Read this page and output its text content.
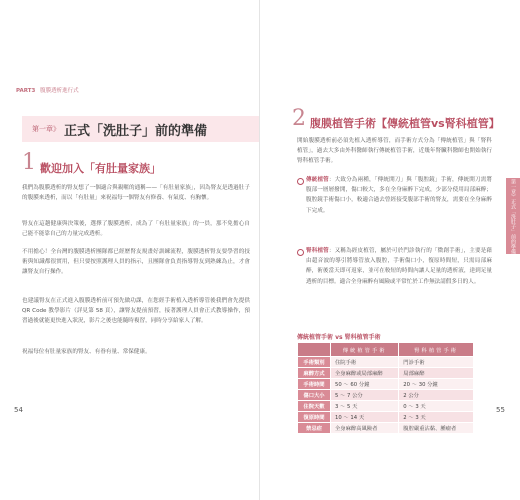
PART3 腹膜透析進行式
第一章》 正式「洗肚子」前的準備
1 歡迎加入「有肚量家族」
我們為腹膜透析的腎友想了一個適合與親暱的通稱——「有肚量家族」，因為腎友是透過肚子的腹膜來透析，而以「有肚量」來祝福每一個腎友有修養、有氣度、有胸懷。
腎友在這趟健康與決策後，選擇了腹膜透析，成為了「有肚量家族」的一員，那不免擔心自己能不能靠自己的力量完成透析。
不用擔心！全台灣的腹膜透析團隊都已經歷腎友規畫好訓練流程，腹膜透析腎友要學習的技術與知識都很實用，但只要按照護理人員的指示，且團隊會負責指導腎友到熟練為止，才會讓腎友自行操作。
也建議腎友在正式進入腹膜透析前可預先做功課，在您經手術植入透析導管後我們會先提供 QR Code 教學影片（詳見第 58 頁），讓腎友提前預習，接著護理人員會正式教導操作，預習過後就能更快進入狀況，影片之後也能隨時複習，同時分享給家人了解。
祝福每位有肚量家族的腎友、有眷有量、常保健康。
54
2 腹膜植管手術【傳統植管vs腎科植管】
開始腹膜透析前必須先植入透析導管，而手術方式分為「傳統植管」與「腎科植管」，過去大多由外科醫師執行傳統植管手術，近幾年腎臟科醫師也開始執行腎科植管手術。
傳統植管：大致分為兩種，「傳統開刀」與「腹腔鏡」手術，傳統開刀需將腹部一層層撥開，傷口較大，多在全身麻醉下完成，少部分使用局部麻醉；腹腔鏡手術傷口小，較適合過去曾經接受腹部手術的腎友，需要在全身麻醉下完成。
腎科植管：又稱為經皮植管，屬於可於門診執行的「微創手術」，主要是藉由超音波的導引將導管放入腹腔，手術傷口小，復原時間短，只需局部麻醉，術後當天即可返家，並可在較短的時間內讓人足量的透析液，達到足量透析的目標。適合全身麻醉有風險或平常忙於工作無法請假多日的人。
傳統植管手術 vs 腎科植管手術
	傳統植管手術	腎科植管手術
手術類別	住院手術	門診手術
麻醉方式	全身麻醉或局部麻醉	局部麻醉
手術時間	50 ～ 60 分鐘	20 ～ 30 分鐘
傷口大小	5 ～ 7 公分	2 公分
住院天數	3 ～ 5 天	0 ～ 3 天
復原時間	10 ～ 14 天	2 ～ 3 天
禁忌症	全身麻醉高風險者	腹腔嚴重沾黏、腫瘤者
第一章》正式「洗肚子」前的準備
55
